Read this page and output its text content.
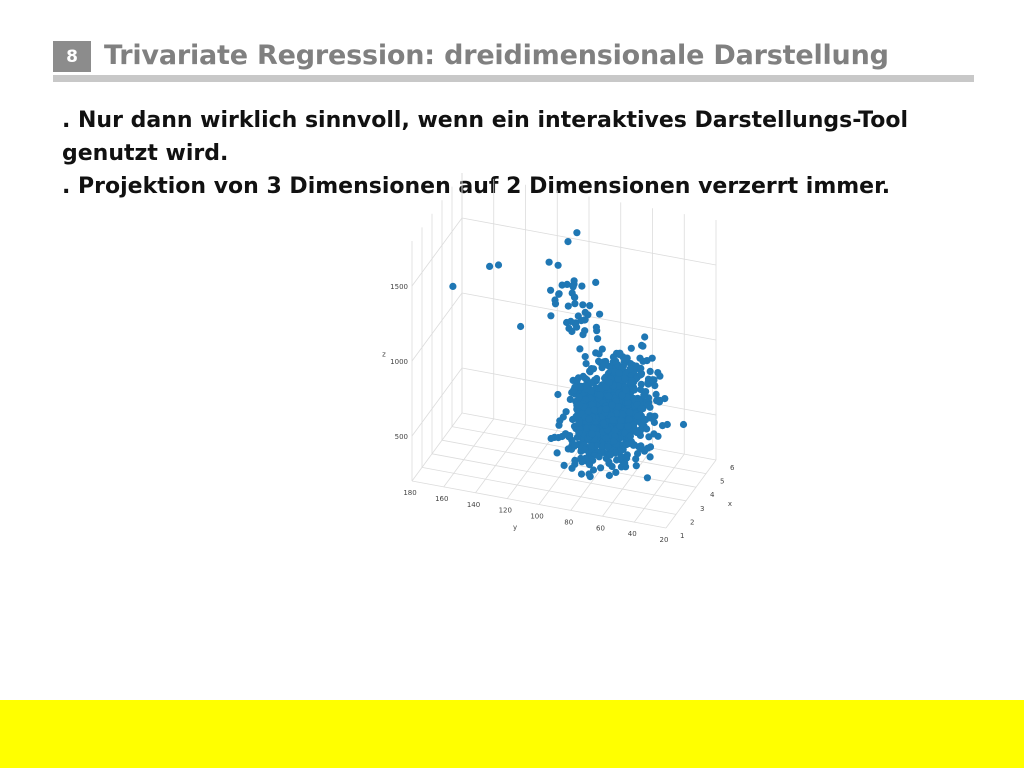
8 Trivariate Regression: dreidimensionale Darstellung

. Nur dann wirklich sinnvoll, wenn ein interaktives Darstellungs-Tool genutzt wird.

. Projektion von 3 Dimensionen auf 2 Dimensionen verzerrt immer.

1
2
3
4
5
6
x
20
40
60
80
100
120
140
160
180
y
500
1000
1500
z
